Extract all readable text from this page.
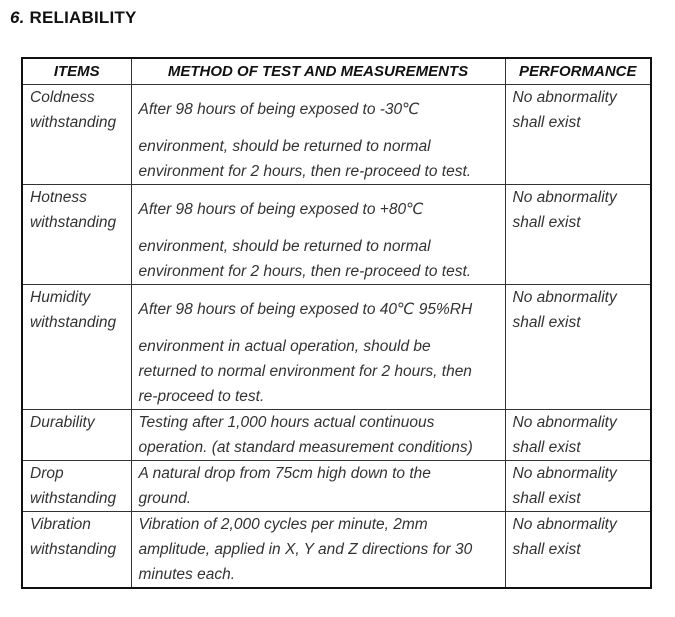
6. RELIABILITY
ITEMS	METHOD OF TEST AND MEASUREMENTS	PERFORMANCE

Coldness
withstanding	After 98 hours of being exposed to -30℃
environment, should be returned to normal
environment for 2 hours, then re-proceed to test.	No abnormality
shall exist

Hotness
withstanding	After 98 hours of being exposed to +80℃
environment, should be returned to normal
environment for 2 hours, then re-proceed to test.	No abnormality
shall exist

Humidity
withstanding	After 98 hours of being exposed to 40℃ 95%RH
environment in actual operation, should be
returned to normal environment for 2 hours, then
re-proceed to test.	No abnormality
shall exist

Durability	Testing after 1,000 hours actual continuous
operation. (at standard measurement conditions)	No abnormality
shall exist

Drop
withstanding	A natural drop from 75cm high down to the
ground.	No abnormality
shall exist

Vibration
withstanding	Vibration of 2,000 cycles per minute, 2mm
amplitude, applied in X, Y and Z directions for 30
minutes each.	No abnormality
shall exist
